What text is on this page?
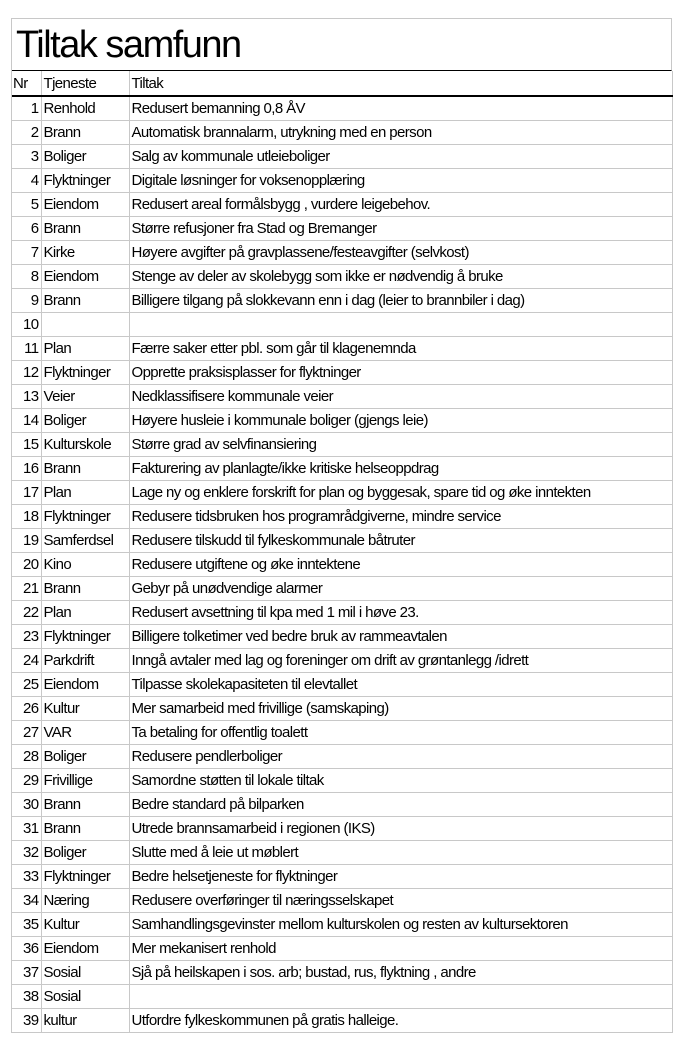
Tiltak samfunn
Nr	Tjeneste	Tiltak
1	Renhold	Redusert bemanning 0,8 ÅV
2	Brann	Automatisk brannalarm, utrykning med en person
3	Boliger	Salg av kommunale utleieboliger
4	Flyktninger	Digitale løsninger for voksenopplæring
5	Eiendom	Redusert areal formålsbygg , vurdere leigebehov.
6	Brann	Større refusjoner fra Stad og Bremanger
7	Kirke	Høyere avgifter på gravplassene/festeavgifter (selvkost)
8	Eiendom	Stenge av deler av skolebygg som ikke er nødvendig å bruke
9	Brann	Billigere tilgang på slokkevann enn i dag (leier to brannbiler i dag)
10		
11	Plan	Færre saker etter pbl. som går til klagenemnda
12	Flyktninger	Opprette praksisplasser for flyktninger
13	Veier	Nedklassifisere kommunale veier
14	Boliger	Høyere husleie i kommunale boliger (gjengs leie)
15	Kulturskole	Større grad av selvfinansiering
16	Brann	Fakturering av planlagte/ikke kritiske helseoppdrag
17	Plan	Lage ny og enklere forskrift for plan og byggesak, spare tid og øke inntekten
18	Flyktninger	Redusere tidsbruken hos programrådgiverne, mindre service
19	Samferdsel	Redusere tilskudd til fylkeskommunale båtruter
20	Kino	Redusere utgiftene og øke inntektene
21	Brann	Gebyr på unødvendige alarmer
22	Plan	Redusert avsettning til kpa med 1 mil i høve 23.
23	Flyktninger	Billigere tolketimer ved bedre bruk av rammeavtalen
24	Parkdrift	Inngå avtaler med lag og foreninger om drift av grøntanlegg /idrett
25	Eiendom	Tilpasse skolekapasiteten til elevtallet
26	Kultur	Mer samarbeid med frivillige (samskaping)
27	VAR	Ta betaling for offentlig toalett
28	Boliger	Redusere pendlerboliger
29	Frivillige	Samordne støtten til lokale tiltak
30	Brann	Bedre standard på bilparken
31	Brann	Utrede brannsamarbeid i regionen (IKS)
32	Boliger	Slutte med å leie ut møblert
33	Flyktninger	Bedre helsetjeneste for flyktninger
34	Næring	Redusere overføringer til næringsselskapet
35	Kultur	Samhandlingsgevinster mellom kulturskolen og resten av kultursektoren
36	Eiendom	Mer mekanisert renhold
37	Sosial	Sjå på heilskapen i sos. arb; bustad, rus, flyktning , andre
38	Sosial	
39	kultur	Utfordre fylkeskommunen på gratis halleige.
